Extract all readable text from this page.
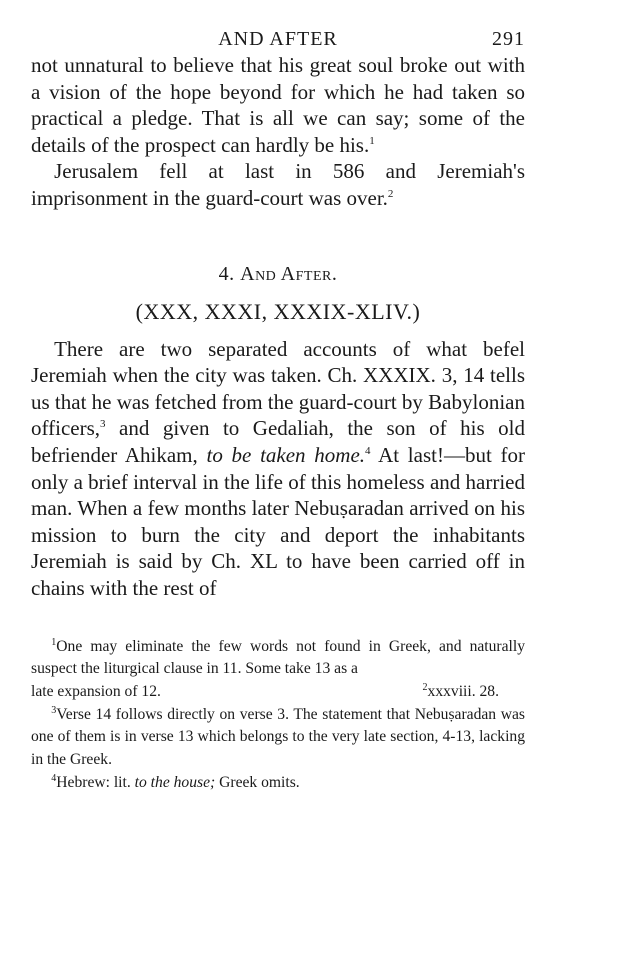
AND AFTER	291

not unnatural to believe that his great soul broke out with a vision of the hope beyond for which he had taken so practical a pledge. That is all we can say; some of the details of the prospect can hardly be his.$^1$

Jerusalem fell at last in 586 and Jeremiah's imprisonment in the guard-court was over.$^2$

4. And After.
(XXX, XXXI, XXXIX-XLIV.)

There are two separated accounts of what befel Jeremiah when the city was taken. Ch. XXXIX. 3, 14 tells us that he was fetched from the guard-court by Babylonian officers,$^3$ and given to Gedaliah, the son of his old befriender Ahikam, to be taken home.$^4$ At last!—but for only a brief interval in the life of this homeless and harried man. When a few months later Nebuṣaradan arrived on his mission to burn the city and deport the inhabitants Jeremiah is said by Ch. XL to have been carried off in chains with the rest of

$^1$One may eliminate the few words not found in Greek, and naturally suspect the liturgical clause in 11. Some take 13 as a

late expansion of 12.	$^2$xxxviii. 28.

$^3$Verse 14 follows directly on verse 3. The statement that Nebuṣaradan was one of them is in verse 13 which belongs to the very late section, 4-13, lacking in the Greek.

$^4$Hebrew: lit. to the house; Greek omits.
